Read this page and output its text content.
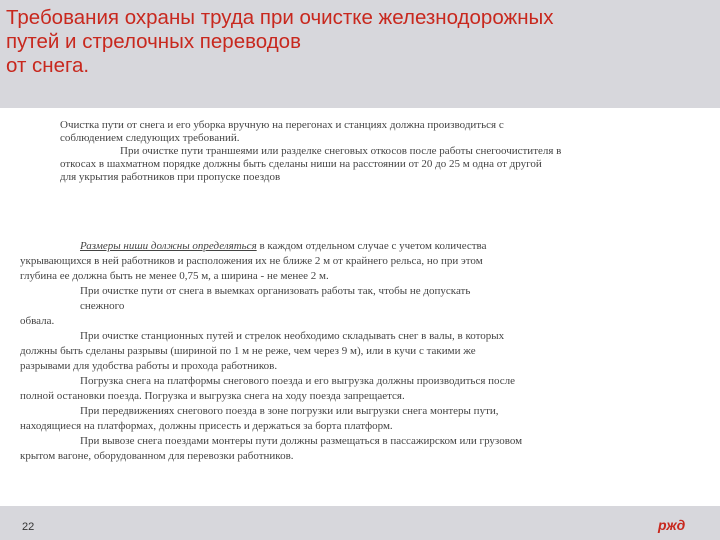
Требования охраны труда при очистке железнодорожных
путей и стрелочных переводов
от снега.
Очистка пути от снега и его уборка вручную на перегонах и станциях должна производиться с
соблюдением следующих требований.
При очистке пути траншеями или разделке снеговых откосов после работы снегоочистителя в
откосах в шахматном порядке должны быть сделаны ниши на расстоянии от 20 до 25 м одна от другой
для укрытия работников при пропуске поездов
Размеры ниши должны определяться в каждом отдельном случае с учетом количества
укрывающихся в ней работников и расположения их не ближе 2 м от крайнего рельса, но при этом
глубина ее должна быть не менее 0,75 м, а ширина - не менее 2 м.
При очистке пути от снега в выемках организовать работы так, чтобы не допускать
снежного
обвала.
При очистке станционных путей и стрелок необходимо складывать снег в валы, в которых
должны быть сделаны разрывы (шириной по 1 м не реже, чем через 9 м), или в кучи с такими же
разрывами для удобства работы и прохода работников.
Погрузка снега на платформы снегового поезда и его выгрузка должны производиться после
полной остановки поезда. Погрузка и выгрузка снега на ходу поезда запрещается.
При передвижениях снегового поезда в зоне погрузки или выгрузки снега монтеры пути,
находящиеся на платформах, должны присесть и держаться за борта платформ.
При вывозе снега поездами монтеры пути должны размещаться в пассажирском или грузовом
крытом вагоне, оборудованном для перевозки работников.
22	ржд
